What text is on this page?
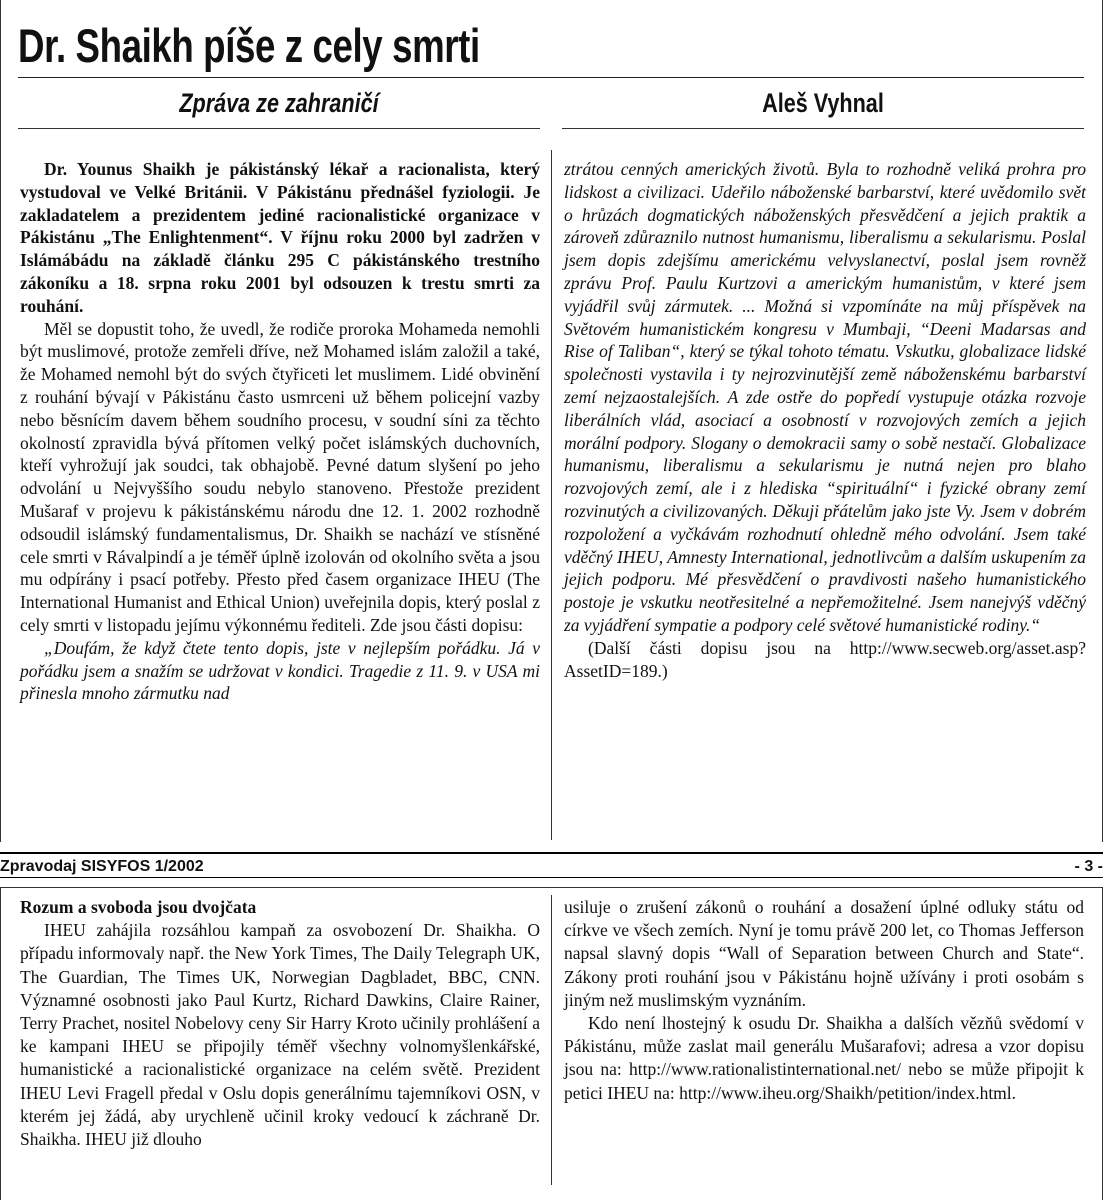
Dr. Shaikh píše z cely smrti
Zpráva ze zahraničí	Aleš Vyhnal

Dr. Younus Shaikh je pákistánský lékař a racionalista, který vystudoval ve Velké Británii. V Pákistánu přednášel fyziologii. Je zakladatelem a prezidentem jediné racionalistické organizace v Pákistánu „The Enlightenment“. V říjnu roku 2000 byl zadržen v Islámábádu na základě článku 295 C pákistánského trestního zákoníku a 18. srpna roku 2001 byl odsouzen k trestu smrti za rouhání.

Měl se dopustit toho, že uvedl, že rodiče proroka Mohameda nemohli být muslimové, protože zemřeli dříve, než Mohamed islám založil a také, že Mohamed nemohl být do svých čtyřiceti let muslimem. Lidé obvinění z rouhání bývají v Pákistánu často usmrceni už během policejní vazby nebo běsnícím davem během soudního procesu, v soudní síni za těchto okolností zpravidla bývá přítomen velký počet islámských duchovních, kteří vyhrožují jak soudci, tak obhajobě. Pevné datum slyšení po jeho odvolání u Nejvyššího soudu nebylo stanoveno. Přestože prezident Mušaraf v projevu k pákistánskému národu dne 12. 1. 2002 rozhodně odsoudil islámský fundamentalismus, Dr. Shaikh se nachází ve stísněné cele smrti v Rávalpindí a je téměř úplně izolován od okolního světa a jsou mu odpírány i psací potřeby. Přesto před časem organizace IHEU (The International Humanist and Ethical Union) uveřejnila dopis, který poslal z cely smrti v listopadu jejímu výkonnému řediteli. Zde jsou části dopisu:

„Doufám, že když čtete tento dopis, jste v nejlepším pořádku. Já v pořádku jsem a snažím se udržovat v kondici. Tragedie z 11. 9. v USA mi přinesla mnoho zármutku nad

ztrátou cenných amerických životů. Byla to rozhodně veliká prohra pro lidskost a civilizaci. Udeřilo náboženské barbarství, které uvědomilo svět o hrůzách dogmatických náboženských přesvědčení a jejich praktik a zároveň zdůraznilo nutnost humanismu, liberalismu a sekularismu. Poslal jsem dopis zdejšímu americkému velvyslanectví, poslal jsem rovněž zprávu Prof. Paulu Kurtzovi a americkým humanistům, v které jsem vyjádřil svůj zármutek. ... Možná si vzpomínáte na můj příspěvek na Světovém humanistickém kongresu v Mumbaji, “Deeni Madarsas and Rise of Taliban“, který se týkal tohoto tématu. Vskutku, globalizace lidské společnosti vystavila i ty nejrozvinutější země náboženskému barbarství zemí nejzaostalejších. A zde ostře do popředí vystupuje otázka rozvoje liberálních vlád, asociací a osobností v rozvojových zemích a jejich morální podpory. Slogany o demokracii samy o sobě nestačí. Globalizace humanismu, liberalismu a sekularismu je nutná nejen pro blaho rozvojových zemí, ale i z hlediska “spirituální“ i fyzické obrany zemí rozvinutých a civilizovaných. Děkuji přátelům jako jste Vy. Jsem v dobrém rozpoložení a vyčkávám rozhodnutí ohledně mého odvolání. Jsem také vděčný IHEU, Amnesty International, jednotlivcům a dalším uskupením za jejich podporu. Mé přesvědčení o pravdivosti našeho humanistického postoje je vskutku neotřesitelné a nepřemožitelné. Jsem nanejvýš vděčný za vyjádření sympatie a podpory celé světové humanistické rodiny.“

(Další části dopisu jsou na http://www.secweb.org/asset.asp?AssetID=189.)

Zpravodaj SISYFOS 1/2002	- 3 -

Rozum a svoboda jsou dvojčata

IHEU zahájila rozsáhlou kampaň za osvobození Dr. Shaikha. O případu informovaly např. the New York Times, The Daily Telegraph UK, The Guardian, The Times UK, Norwegian Dagbladet, BBC, CNN. Významné osobnosti jako Paul Kurtz, Richard Dawkins, Claire Rainer, Terry Prachet, nositel Nobelovy ceny Sir Harry Kroto učinily prohlášení a ke kampani IHEU se připojily téměř všechny volnomyšlenkářské, humanistické a racionalistické organizace na celém světě. Prezident IHEU Levi Fragell předal v Oslu dopis generálnímu tajemníkovi OSN, v kterém jej žádá, aby urychleně učinil kroky vedoucí k záchraně Dr. Shaikha. IHEU již dlouho

usiluje o zrušení zákonů o rouhání a dosažení úplné odluky státu od církve ve všech zemích. Nyní je tomu právě 200 let, co Thomas Jefferson napsal slavný dopis “Wall of Separation between Church and State“. Zákony proti rouhání jsou v Pákistánu hojně užívány i proti osobám s jiným než muslimským vyznáním.

Kdo není lhostejný k osudu Dr. Shaikha a dalších vězňů svědomí v Pákistánu, může zaslat mail generálu Mušarafovi; adresa a vzor dopisu jsou na: http://www.rationalistinternational.net/ nebo se může připojit k petici IHEU na: http://www.iheu.org/Shaikh/petition/index.html.
